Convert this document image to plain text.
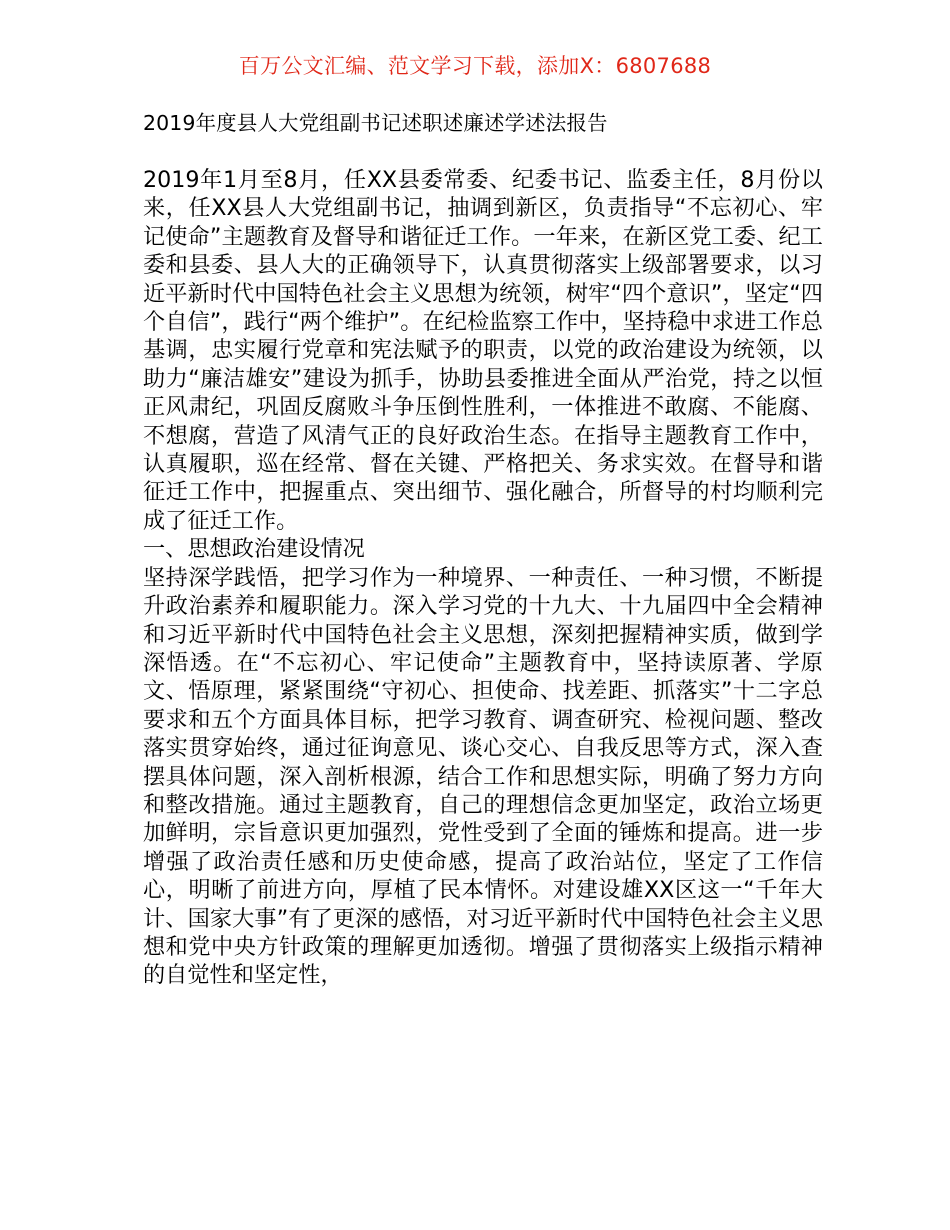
百万公文汇编、范文学习下载，添加X：6807688
2019年度县人大党组副书记述职述廉述学述法报告

2019年1月至8月，任XX县委常委、纪委书记、监委主任，8月份以来，任XX县人大党组副书记，抽调到新区，负责指导“不忘初心、牢记使命”主题教育及督导和谐征迁工作。一年来，在新区党工委、纪工委和县委、县人大的正确领导下，认真贯彻落实上级部署要求，以习近平新时代中国特色社会主义思想为统领，树牢“四个意识”，坚定“四个自信”，践行“两个维护”。在纪检监察工作中，坚持稳中求进工作总基调，忠实履行党章和宪法赋予的职责，以党的政治建设为统领，以助力“廉洁雄安”建设为抓手，协助县委推进全面从严治党，持之以恒正风肃纪，巩固反腐败斗争压倒性胜利，一体推进不敢腐、不能腐、不想腐，营造了风清气正的良好政治生态。在指导主题教育工作中，认真履职，巡在经常、督在关键、严格把关、务求实效。在督导和谐征迁工作中，把握重点、突出细节、强化融合，所督导的村均顺利完成了征迁工作。

一、思想政治建设情况

坚持深学践悟，把学习作为一种境界、一种责任、一种习惯，不断提升政治素养和履职能力。深入学习党的十九大、十九届四中全会精神和习近平新时代中国特色社会主义思想，深刻把握精神实质，做到学深悟透。在“不忘初心、牢记使命”主题教育中，坚持读原著、学原文、悟原理，紧紧围绕“守初心、担使命、找差距、抓落实”十二字总要求和五个方面具体目标，把学习教育、调查研究、检视问题、整改落实贯穿始终，通过征询意见、谈心交心、自我反思等方式，深入查摆具体问题，深入剖析根源，结合工作和思想实际，明确了努力方向和整改措施。通过主题教育，自己的理想信念更加坚定，政治立场更加鲜明，宗旨意识更加强烈，党性受到了全面的锤炼和提高。进一步增强了政治责任感和历史使命感，提高了政治站位，坚定了工作信心，明晰了前进方向，厚植了民本情怀。对建设雄XX区这一“千年大计、国家大事”有了更深的感悟，对习近平新时代中国特色社会主义思想和党中央方针政策的理解更加透彻。增强了贯彻落实上级指示精神的自觉性和坚定性，
